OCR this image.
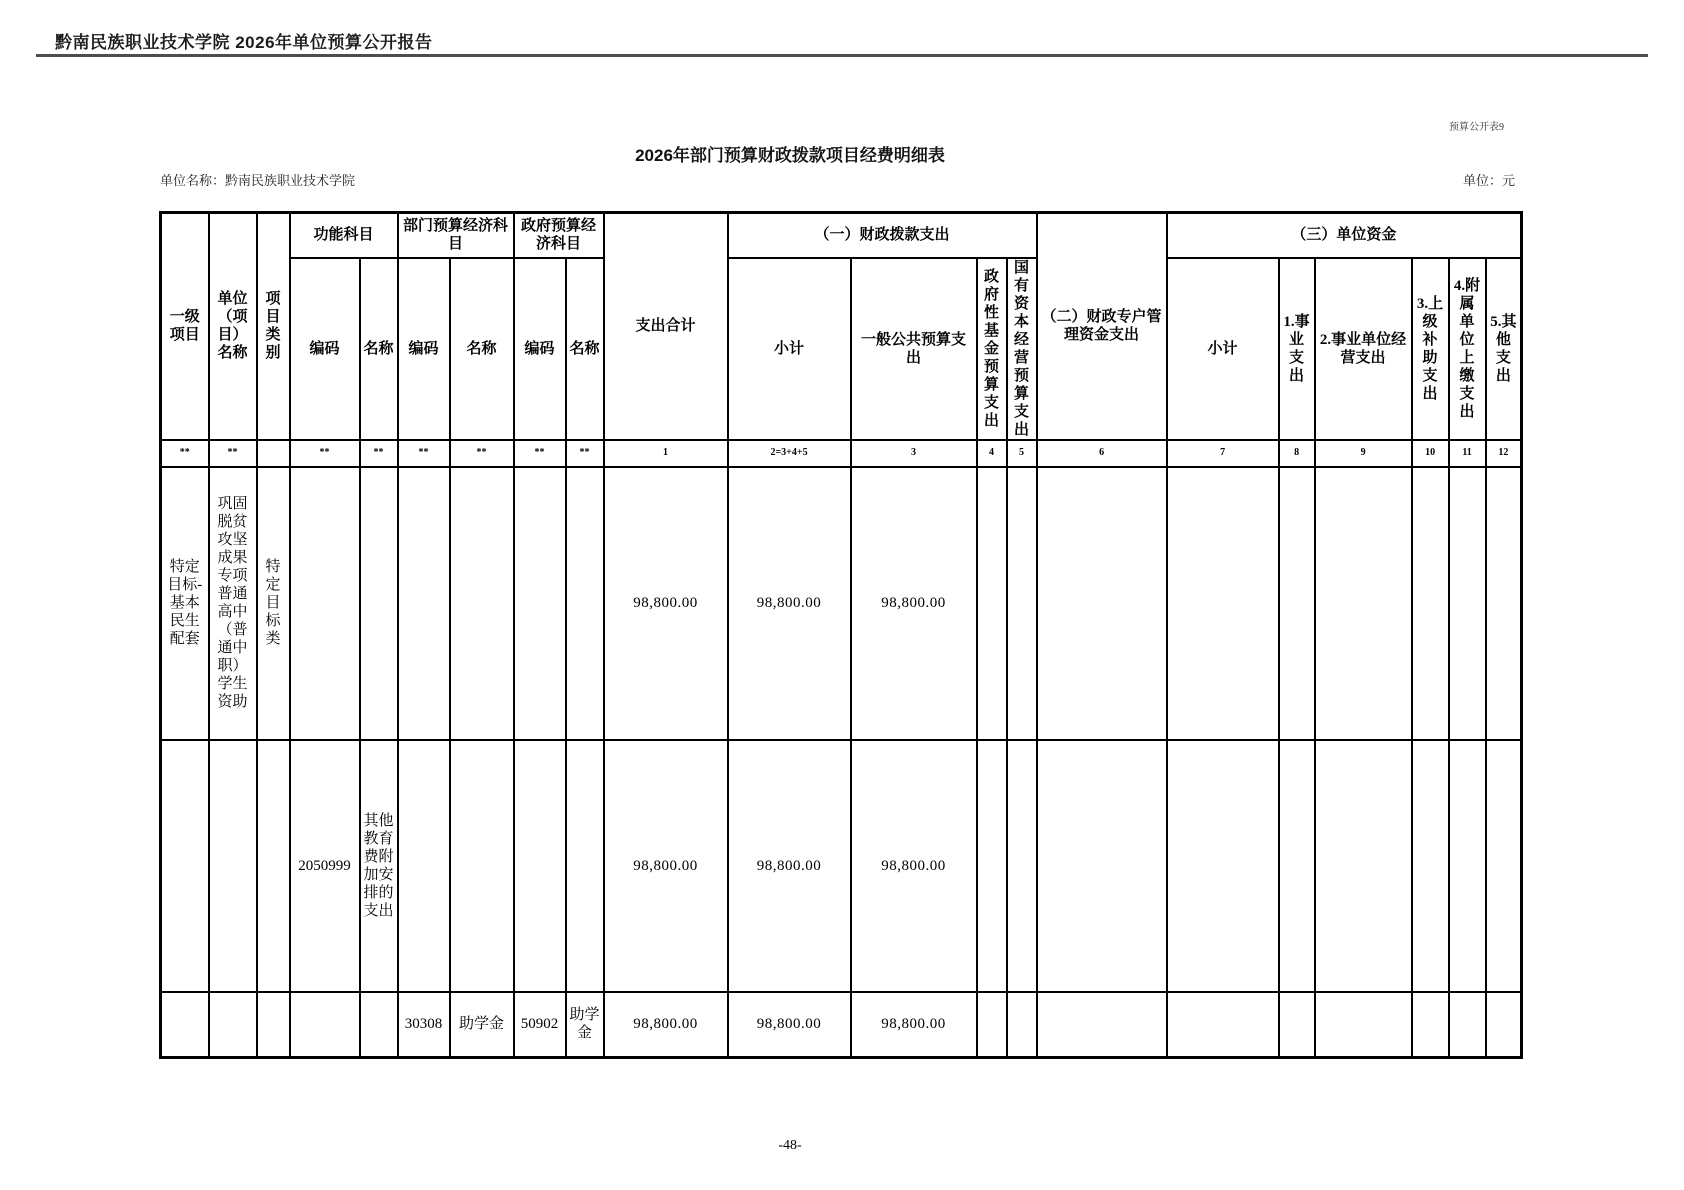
黔南民族职业技术学院 2026年单位预算公开报告
预算公开表9
2026年部门预算财政拨款项目经费明细表
单位名称：黔南民族职业技术学院	单位：元
一级项目	单位（项目）名称	项目类别	功能科目		部门预算经济科目		政府预算经济科目		支出合计	（一）财政拨款支出				（二）财政专户管理资金支出	（三）单位资金					
			编码	名称	编码	名称	编码	名称		小计	一般公共预算支出	政府性基金预算支出	国有资本经营预算支出		小计	1.事业支出	2.事业单位经营支出	3.上级补助支出	4.附属单位上缴支出	5.其他支出
**	**		**	**	**	**	**	**	1	2=3+4+5	3	4	5	6	7	8	9	10	11	12
特定目标-基本民生配套	巩固脱贫攻坚成果专项普通高中（普通中职）学生资助	特定目标类							98,800.00	98,800.00	98,800.00									
			2050999	其他教育费附加安排的支出					98,800.00	98,800.00	98,800.00									
					30308	助学金	50902	助学金	98,800.00	98,800.00	98,800.00									
-48-
